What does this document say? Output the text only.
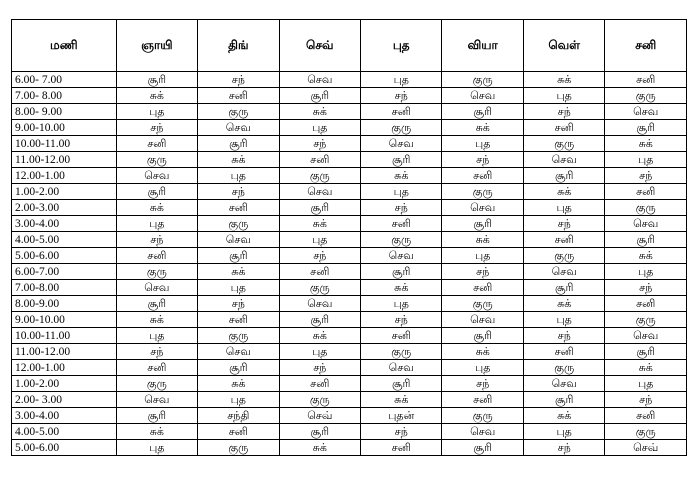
மணி	ஞாயி	திங்	செவ்	புத	வியா	வெள்	சனி
6.00- 7.00	சூரி	சந்	செவ	புத	குரு	சுக்	சனி
7.00- 8.00	சுக்	சனி	சூரி	சந்	செவ	புத	குரு
8.00- 9.00	புத	குரு	சுக்	சனி	சூரி	சந்	செவ
9.00-10.00	சந்	செவ	புத	குரு	சுக்	சனி	சூரி
10.00-11.00	சனி	சூரி	சந்	செவ	புத	குரு	சுக்
11.00-12.00	குரு	சுக்	சனி	சூரி	சந்	செவ	புத
12.00-1.00	செவ	புத	குரு	சுக்	சனி	சூரி	சந்
1.00-2.00	சூரி	சந்	செவ	புத	குரு	சுக்	சனி
2.00-3.00	சுக்	சனி	சூரி	சந்	செவ	புத	குரு
3.00-4.00	புத	குரு	சுக்	சனி	சூரி	சந்	செவ
4.00-5.00	சந்	செவ	புத	குரு	சுக்	சனி	சூரி
5.00-6.00	சனி	சூரி	சந்	செவ	புத	குரு	சுக்
6.00-7.00	குரு	சுக்	சனி	சூரி	சந்	செவ	புத
7.00-8.00	செவ	புத	குரு	சுக்	சனி	சூரி	சந்
8.00-9.00	சூரி	சந்	செவ	புத	குரு	சுக்	சனி
9.00-10.00	சுக்	சனி	சூரி	சந்	செவ	புத	குரு
10.00-11.00	புத	குரு	சுக்	சனி	சூரி	சந்	செவ
11.00-12.00	சந்	செவ	புத	குரு	சுக்	சனி	சூரி
12.00-1.00	சனி	சூரி	சந்	செவ	புத	குரு	சுக்
1.00-2.00	குரு	சுக்	சனி	சூரி	சந்	செவ	புத
2.00- 3.00	செவ	புத	குரு	சுக்	சனி	சூரி	சந்
3.00-4.00	சூரி	சந்தி	செவ்	புதன்	குரு	சுக்	சனி
4.00-5.00	சுக்	சனி	சூரி	சந்	செவ	புத	குரு
5.00-6.00	புத	குரு	சுக்	சனி	சூரி	சந்	செவ்
